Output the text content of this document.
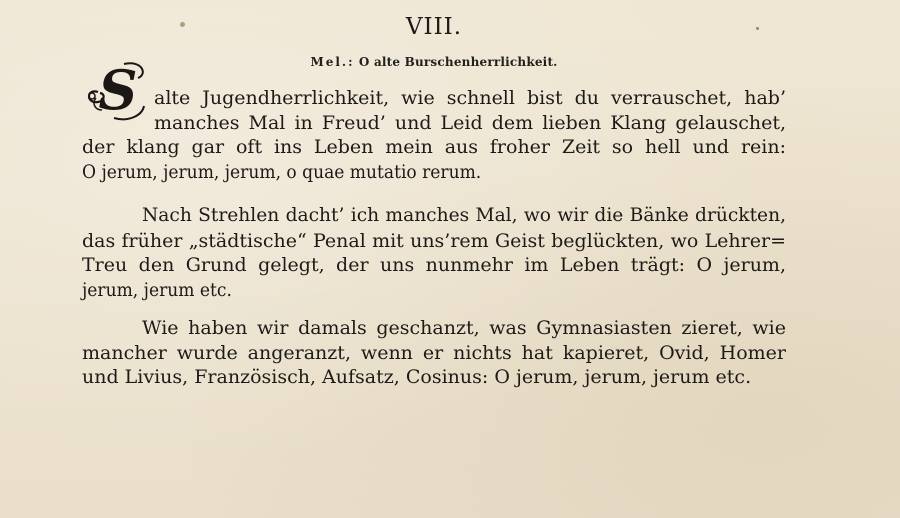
VIII.
Mel.: O alte Burschenherrlichkeit.
S alte Jugendherrlichkeit, wie schnell bist du verrauschet, hab’
manches Mal in Freud’ und Leid dem lieben Klang gelauschet,
der klang gar oft ins Leben mein aus froher Zeit so hell und rein:
O jerum, jerum, jerum, o quae mutatio rerum.

Nach Strehlen dacht’ ich manches Mal, wo wir die Bänke drückten,
das früher „städtische“ Penal mit uns’rem Geist beglückten, wo Lehrer=
Treu den Grund gelegt, der uns nunmehr im Leben trägt: O jerum,
jerum, jerum etc.

Wie haben wir damals geschanzt, was Gymnasiasten zieret, wie
mancher wurde angeranzt, wenn er nichts hat kapieret, Ovid, Homer
und Livius, Französisch, Aufsatz, Cosinus: O jerum, jerum, jerum etc.
